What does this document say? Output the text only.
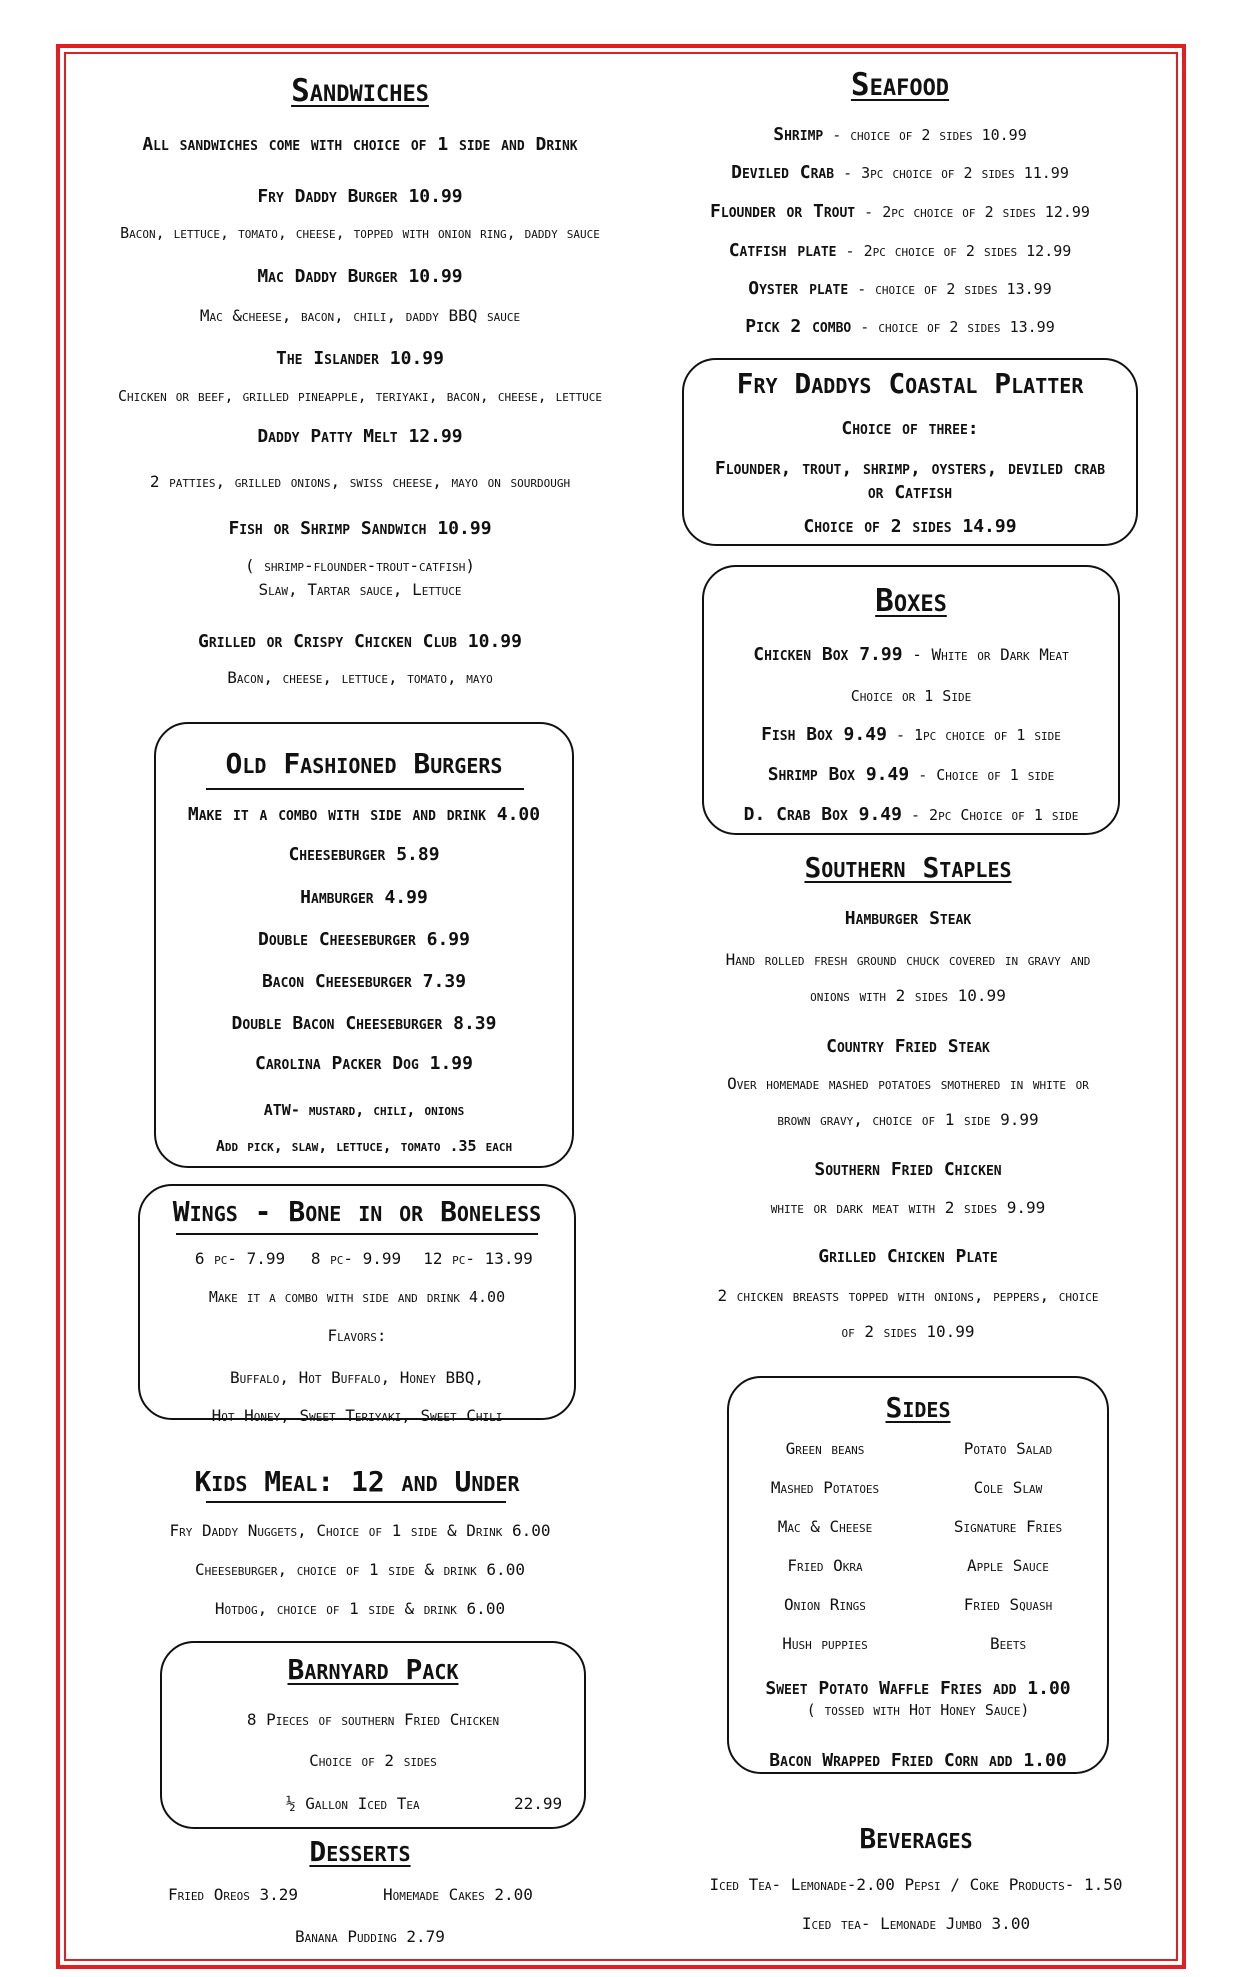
Sandwiches
All sandwiches come with choice of 1 side and Drink
Fry Daddy Burger 10.99
Bacon, lettuce, tomato, cheese, topped with onion ring, daddy sauce
Mac Daddy Burger 10.99
Mac &cheese, bacon, chili, daddy BBQ sauce
The Islander 10.99
Chicken or beef, grilled pineapple, teriyaki, bacon, cheese, lettuce
Daddy Patty Melt 12.99
2 patties, grilled onions, swiss cheese, mayo on sourdough
Fish or Shrimp Sandwich 10.99
( shrimp-flounder-trout-catfish)
Slaw, Tartar sauce, Lettuce
Grilled or Crispy Chicken Club 10.99
Bacon, cheese, lettuce, tomato, mayo
Old Fashioned Burgers
Make it a combo with side and drink 4.00
Cheeseburger 5.89
Hamburger 4.99
Double Cheeseburger 6.99
Bacon Cheeseburger 7.39
Double Bacon Cheeseburger 8.39
Carolina Packer Dog 1.99
ATW- mustard, chili, onions
Add pick, slaw, lettuce, tomato .35 each
Wings - Bone in or Boneless
6 pc- 7.99	8 pc- 9.99	12 pc- 13.99
Make it a combo with side and drink 4.00
Flavors:
Buffalo, Hot Buffalo, Honey BBQ,
Hot Honey, Sweet Teriyaki, Sweet Chili
Kids Meal: 12 and Under
Fry Daddy Nuggets, Choice of 1 side & Drink 6.00
Cheeseburger, choice of 1 side & drink 6.00
Hotdog, choice of 1 side & drink 6.00
Barnyard Pack
8 Pieces of southern Fried Chicken
Choice of 2 sides
½ Gallon Iced Tea	22.99
Desserts
Fried Oreos 3.29	Homemade Cakes 2.00
Banana Pudding 2.79
Seafood
Shrimp - choice of 2 sides 10.99
Deviled Crab - 3pc choice of 2 sides 11.99
Flounder or Trout - 2pc choice of 2 sides 12.99
Catfish plate - 2pc choice of 2 sides 12.99
Oyster plate - choice of 2 sides 13.99
Pick 2 combo - choice of 2 sides 13.99
Fry Daddys Coastal Platter
Choice of three:
Flounder, trout, shrimp, oysters, deviled crab
or Catfish
Choice of 2 sides 14.99
Boxes
Chicken Box 7.99 - White or Dark Meat
Choice or 1 Side
Fish Box 9.49 - 1pc choice of 1 side
Shrimp Box 9.49 - Choice of 1 side
D. Crab Box 9.49 - 2pc Choice of 1 side
Southern Staples
Hamburger Steak
Hand rolled fresh ground chuck covered in gravy and
onions with 2 sides 10.99
Country Fried Steak
Over homemade mashed potatoes smothered in white or
brown gravy, choice of 1 side 9.99
Southern Fried Chicken
white or dark meat with 2 sides 9.99
Grilled Chicken Plate
2 chicken breasts topped with onions, peppers, choice
of 2 sides 10.99
Sides
Green beans
Mashed Potatoes
Mac & Cheese
Fried Okra
Onion Rings
Hush puppies
Potato Salad
Cole Slaw
Signature Fries
Apple Sauce
Fried Squash
Beets
Sweet Potato Waffle Fries add 1.00
( tossed with Hot Honey Sauce)
Bacon Wrapped Fried Corn add 1.00
Beverages
Iced Tea- Lemonade-2.00 Pepsi / Coke Products- 1.50
Iced tea- Lemonade Jumbo 3.00
